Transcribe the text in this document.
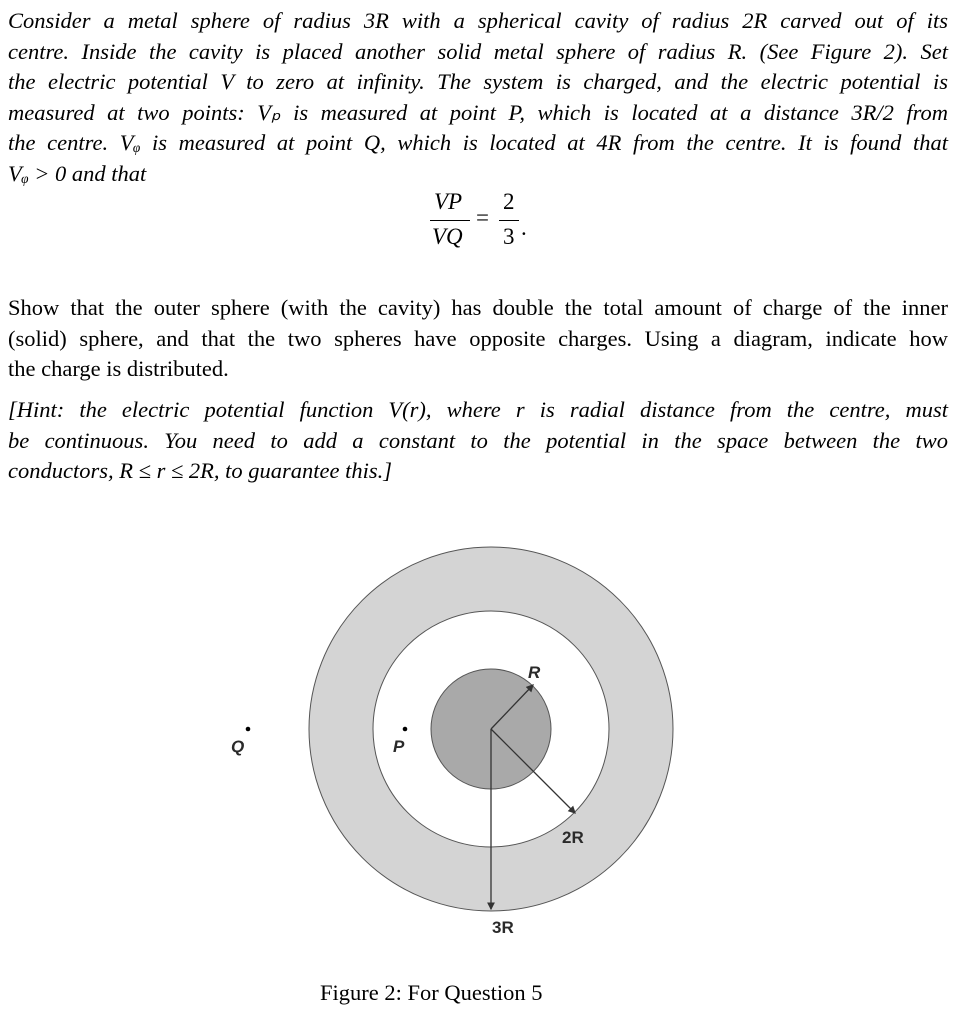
Consider a metal sphere of radius 3R with a spherical cavity of radius 2R carved out of its
centre. Inside the cavity is placed another solid metal sphere of radius R. (See Figure 2). Set
the electric potential V to zero at infinity. The system is charged, and the electric potential is
measured at two points: Vₚ is measured at point P, which is located at a distance 3R/2 from
the centre. Vᵩ is measured at point Q, which is located at 4R from the centre. It is found that
Vᵩ > 0 and that
VP
VQ
=
2
3 .
Show that the outer sphere (with the cavity) has double the total amount of charge of the inner
(solid) sphere, and that the two spheres have opposite charges. Using a diagram, indicate how
the charge is distributed.
[Hint: the electric potential function V(r), where r is radial distance from the centre, must
be continuous. You need to add a constant to the potential in the space between the two
conductors, R ≤ r ≤ 2R, to guarantee this.]
R
2R
3R
P
Q
Figure 2: For Question 5
